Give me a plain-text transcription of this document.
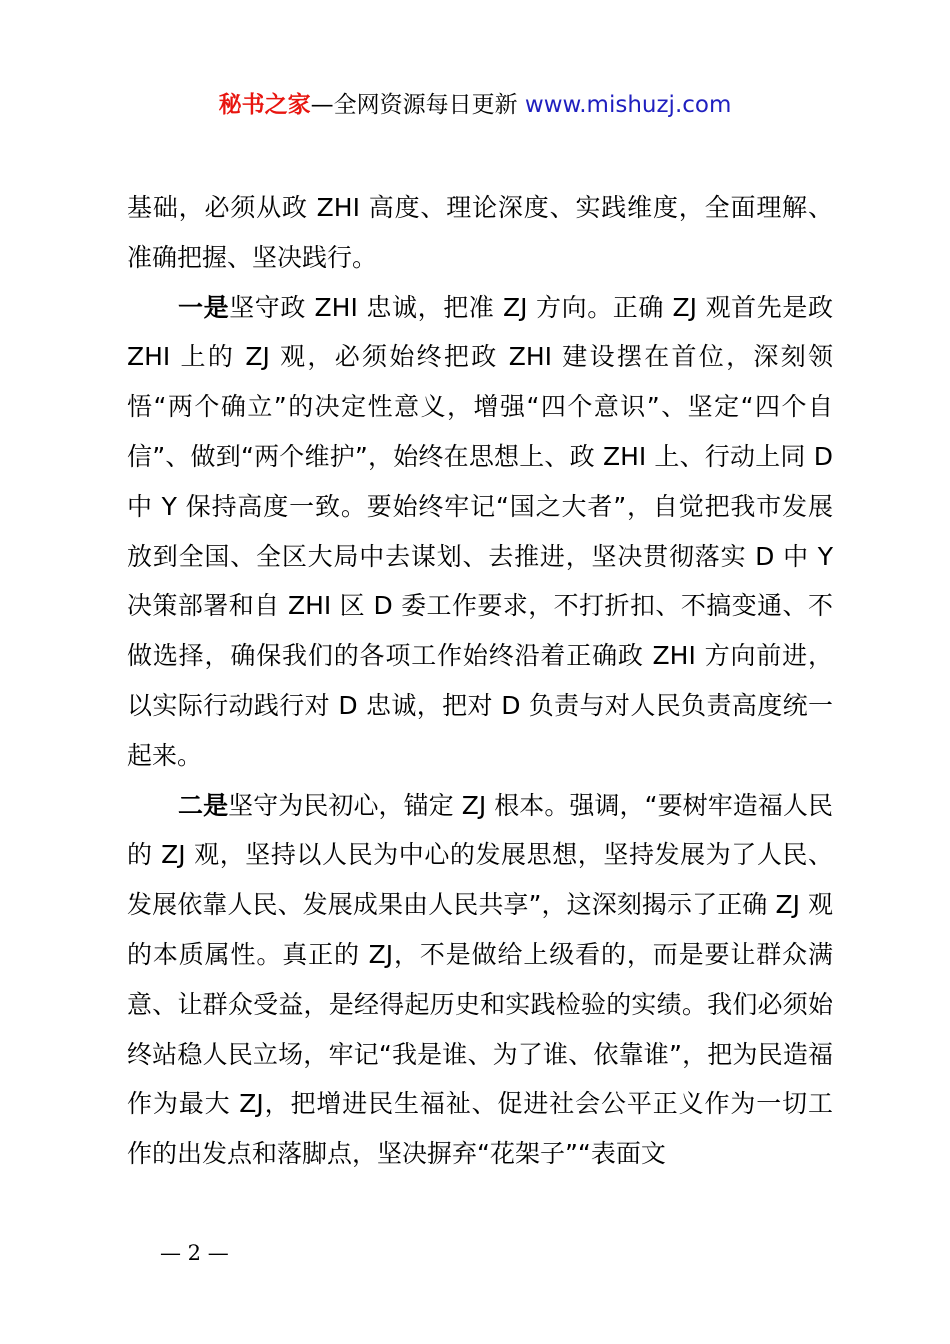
秘书之家—全网资源每日更新 www.mishuzj.com

基础，必须从政 ZHI 高度、理论深度、实践维度，全面理解、准确把握、坚决践行。

一是坚守政 ZHI 忠诚，把准 ZJ 方向。正确 ZJ 观首先是政 ZHI 上的 ZJ 观，必须始终把政 ZHI 建设摆在首位，深刻领悟“两个确立”的决定性意义，增强“四个意识”、坚定“四个自信”、做到“两个维护”，始终在思想上、政 ZHI 上、行动上同 D 中 Y 保持高度一致。要始终牢记“国之大者”，自觉把我市发展放到全国、全区大局中去谋划、去推进，坚决贯彻落实 D 中 Y 决策部署和自 ZHI 区 D 委工作要求，不打折扣、不搞变通、不做选择，确保我们的各项工作始终沿着正确政 ZHI 方向前进，以实际行动践行对 D 忠诚，把对 D 负责与对人民负责高度统一起来。

二是坚守为民初心，锚定 ZJ 根本。强调，“要树牢造福人民的 ZJ 观，坚持以人民为中心的发展思想，坚持发展为了人民、发展依靠人民、发展成果由人民共享”，这深刻揭示了正确 ZJ 观的本质属性。真正的 ZJ，不是做给上级看的，而是要让群众满意、让群众受益，是经得起历史和实践检验的实绩。我们必须始终站稳人民立场，牢记“我是谁、为了谁、依靠谁”，把为民造福作为最大 ZJ，把增进民生福祉、促进社会公平正义作为一切工作的出发点和落脚点，坚决摒弃“花架子”“表面文

— 2 —
